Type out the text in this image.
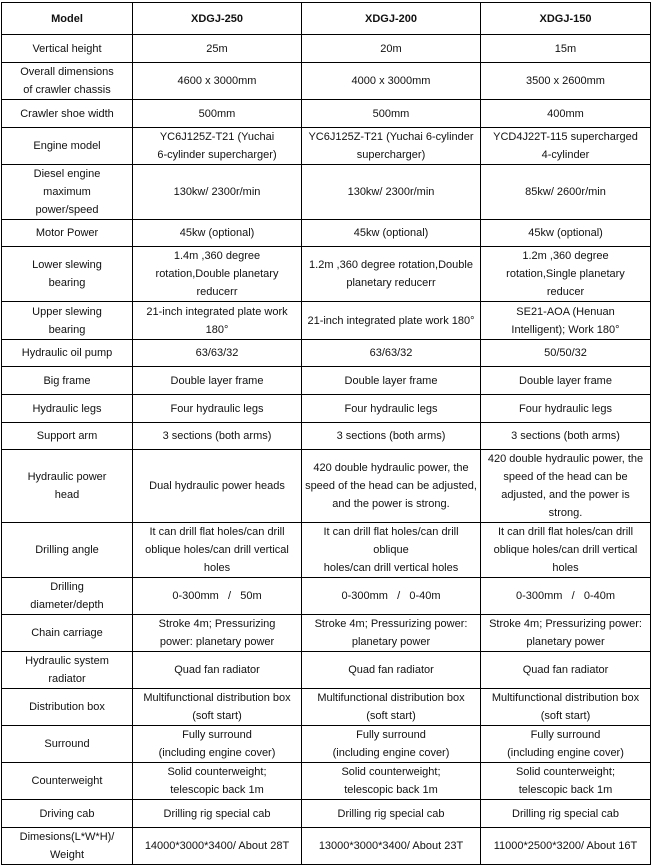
Model	XDGJ-250	XDGJ-200	XDGJ-150

Vertical height	25m	20m	15m

Overall dimensions
of crawler chassis	4600 x 3000mm	4000 x 3000mm	3500 x 2600mm

Crawler shoe width	500mm	500mm	400mm

Engine model	YC6J125Z-T21 (Yuchai
6-cylinder supercharger)	YC6J125Z-T21 (Yuchai 6-cylinder
supercharger)	YCD4J22T-115 supercharged
4-cylinder

Diesel engine
maximum
power/speed	130kw/ 2300r/min	130kw/ 2300r/min	85kw/ 2600r/min

Motor Power	45kw (optional)	45kw (optional)	45kw (optional)

Lower slewing
bearing	1.4m ,360 degree
rotation,Double planetary
reducerr	1.2m ,360 degree rotation,Double
planetary reducerr	1.2m ,360 degree
rotation,Single planetary
reducer

Upper slewing
bearing	21-inch integrated plate work
180°	21-inch integrated plate work 180°	SE21-AOA (Henuan
Intelligent); Work 180°

Hydraulic oil pump	63/63/32	63/63/32	50/50/32

Big frame	Double layer frame	Double layer frame	Double layer frame

Hydraulic legs	Four hydraulic legs	Four hydraulic legs	Four hydraulic legs

Support arm	3 sections (both arms)	3 sections (both arms)	3 sections (both arms)

Hydraulic power
head	Dual hydraulic power heads	420 double hydraulic power, the
speed of the head can be adjusted,
and the power is strong.	420 double hydraulic power, the
speed of the head can be
adjusted, and the power is
strong.

Drilling angle	It can drill flat holes/can drill
oblique holes/can drill vertical
holes	It can drill flat holes/can drill oblique
holes/can drill vertical holes	It can drill flat holes/can drill
oblique holes/can drill vertical
holes

Drilling
diameter/depth	0-300mm   /   50m	0-300mm   /   0-40m	0-300mm   /   0-40m

Chain carriage	Stroke 4m; Pressurizing
power: planetary power	Stroke 4m; Pressurizing power:
planetary power	Stroke 4m; Pressurizing power:
planetary power

Hydraulic system
radiator	Quad fan radiator	Quad fan radiator	Quad fan radiator

Distribution box	Multifunctional distribution box
(soft start)	Multifunctional distribution box
(soft start)	Multifunctional distribution box
(soft start)

Surround	Fully surround
(including engine cover)	Fully surround
(including engine cover)	Fully surround
(including engine cover)

Counterweight	Solid counterweight;
telescopic back 1m	Solid counterweight;
telescopic back 1m	Solid counterweight;
telescopic back 1m

Driving cab	Drilling rig special cab	Drilling rig special cab	Drilling rig special cab

Dimesions(L*W*H)/
Weight	14000*3000*3400/ About 28T	13000*3000*3400/ About 23T	11000*2500*3200/ About 16T
